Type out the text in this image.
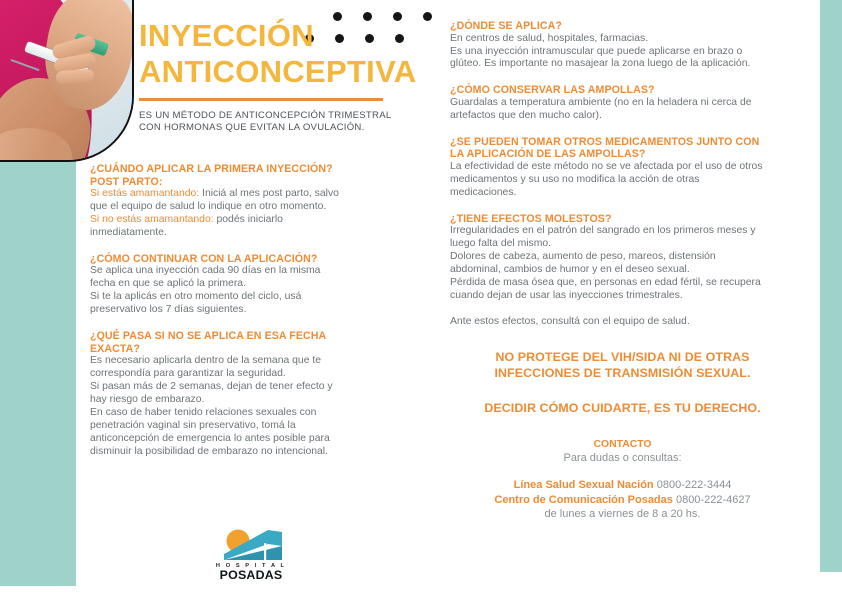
INYECCIÓN
ANTICONCEPTIVA
ES UN MÉTODO DE ANTICONCEPCIÓN TRIMESTRAL
CON HORMONAS QUE EVITAN LA OVULACIÓN.
¿CUÁNDO APLICAR LA PRIMERA INYECCIÓN?
POST PARTO:

Si estás amamantando: Iniciá al mes post parto, salvo

que el equipo de salud lo indique en otro momento.

Si no estás amamantando: podés iniciarlo

inmediatamente.

¿CÓMO CONTINUAR CON LA APLICACIÓN?

Se aplica una inyección cada 90 días en la misma

fecha en que se aplicó la primera.

Si te la aplicás en otro momento del ciclo, usá

preservativo los 7 días siguientes.

¿QUÉ PASA SI NO SE APLICA EN ESA FECHA
EXACTA?

Es necesario aplicarla dentro de la semana que te

correspondía para garantizar la seguridad.

Si pasan más de 2 semanas, dejan de tener efecto y

hay riesgo de embarazo.

En caso de haber tenido relaciones sexuales con

penetración vaginal sin preservativo, tomá la

anticoncepción de emergencia lo antes posible para

disminuir la posibilidad de embarazo no intencional.

¿DÓNDE SE APLICA?

En centros de salud, hospitales, farmacias.

Es una inyección intramuscular que puede aplicarse en brazo o

glúteo. Es importante no masajear la zona luego de la aplicación.

¿CÓMO CONSERVAR LAS AMPOLLAS?

Guardalas a temperatura ambiente (no en la heladera ni cerca de

artefactos que den mucho calor).

¿SE PUEDEN TOMAR OTROS MEDICAMENTOS JUNTO CON
LA APLICACIÓN DE LAS AMPOLLAS?

La efectividad de este método no se ve afectada por el uso de otros

medicamentos y su uso no modifica la acción de otras

medicaciones.

¿TIENE EFECTOS MOLESTOS?

Irregularidades en el patrón del sangrado en los primeros meses y

luego falta del mismo.

Dolores de cabeza, aumento de peso, mareos, distensión

abdominal, cambios de humor y en el deseo sexual.

Pérdida de masa ósea que, en personas en edad fértil, se recupera

cuando dejan de usar las inyecciones trimestrales.

Ante estos efectos, consultá con el equipo de salud.

NO PROTEGE DEL VIH/SIDA NI DE OTRAS
INFECCIONES DE TRANSMISIÓN SEXUAL.
DECIDIR CÓMO CUIDARTE, ES TU DERECHO.
CONTACTO
Para dudas o consultas:
Línea Salud Sexual Nación 0800-222-3444
Centro de Comunicación Posadas 0800-222-4627
de lunes a viernes de 8 a 20 hs.
H O S P I T A L
POSADAS
